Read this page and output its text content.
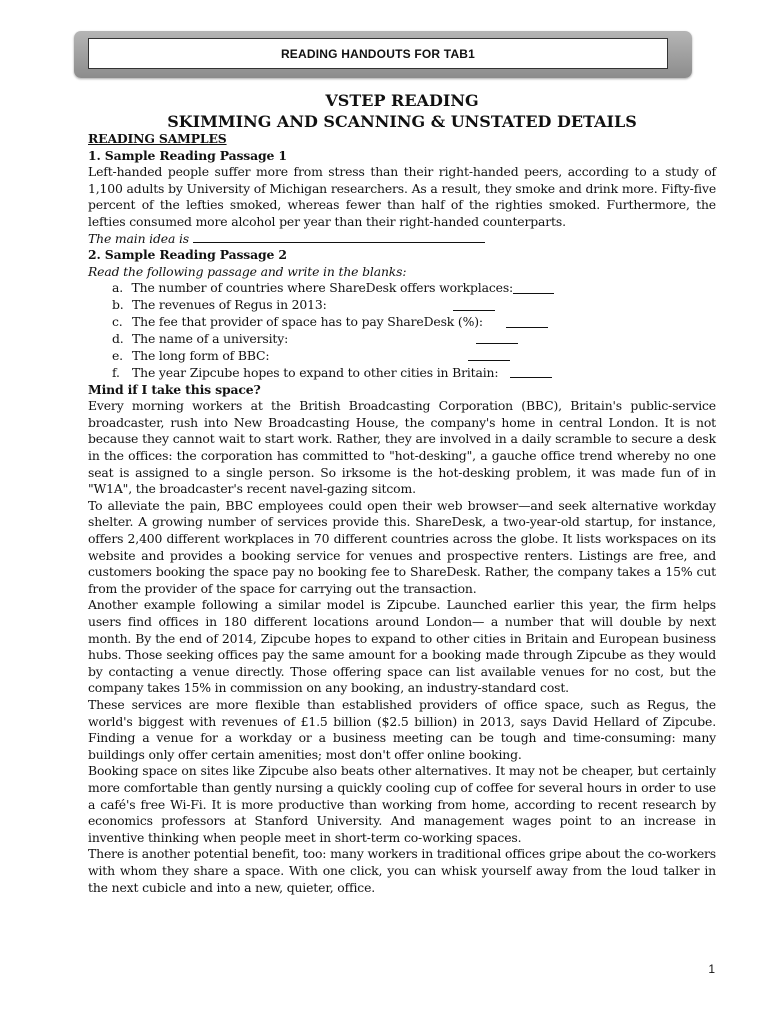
READING HANDOUTS FOR TAB1
VSTEP READING
SKIMMING AND SCANNING & UNSTATED DETAILS

READING SAMPLES

1. Sample Reading Passage 1

Left-handed people suffer more from stress than their right-handed peers, according to a study of 1,100 adults by University of Michigan researchers. As a result, they smoke and drink more. Fifty-five percent of the lefties smoked, whereas fewer than half of the righties smoked. Furthermore, the lefties consumed more alcohol per year than their right-handed counterparts.

The main idea is

2. Sample Reading Passage 2

Read the following passage and write in the blanks:

a. The number of countries where ShareDesk offers workplaces:
b. The revenues of Regus in 2013:
c. The fee that provider of space has to pay ShareDesk (%):
d. The name of a university:
e. The long form of BBC:
f. The year Zipcube hopes to expand to other cities in Britain:

Mind if I take this space?

Every morning workers at the British Broadcasting Corporation (BBC), Britain's public-service broadcaster, rush into New Broadcasting House, the company's home in central London. It is not because they cannot wait to start work. Rather, they are involved in a daily scramble to secure a desk in the offices: the corporation has committed to "hot-desking", a gauche office trend whereby no one seat is assigned to a single person. So irksome is the hot-desking problem, it was made fun of in "W1A", the broadcaster's recent navel-gazing sitcom.

To alleviate the pain, BBC employees could open their web browser—and seek alternative workday shelter. A growing number of services provide this. ShareDesk, a two-year-old startup, for instance, offers 2,400 different workplaces in 70 different countries across the globe. It lists workspaces on its website and provides a booking service for venues and prospective renters. Listings are free, and customers booking the space pay no booking fee to ShareDesk. Rather, the company takes a 15% cut from the provider of the space for carrying out the transaction.

Another example following a similar model is Zipcube. Launched earlier this year, the firm helps users find offices in 180 different locations around London— a number that will double by next month. By the end of 2014, Zipcube hopes to expand to other cities in Britain and European business hubs. Those seeking offices pay the same amount for a booking made through Zipcube as they would by contacting a venue directly. Those offering space can list available venues for no cost, but the company takes 15% in commission on any booking, an industry-standard cost.

These services are more flexible than established providers of office space, such as Regus, the world's biggest with revenues of £1.5 billion ($2.5 billion) in 2013, says David Hellard of Zipcube. Finding a venue for a workday or a business meeting can be tough and time-consuming: many buildings only offer certain amenities; most don't offer online booking.

Booking space on sites like Zipcube also beats other alternatives. It may not be cheaper, but certainly more comfortable than gently nursing a quickly cooling cup of coffee for several hours in order to use a café's free Wi-Fi. It is more productive than working from home, according to recent research by economics professors at Stanford University. And management wages point to an increase in inventive thinking when people meet in short-term co-working spaces.

There is another potential benefit, too: many workers in traditional offices gripe about the co-workers with whom they share a space. With one click, you can whisk yourself away from the loud talker in the next cubicle and into a new, quieter, office.

1
